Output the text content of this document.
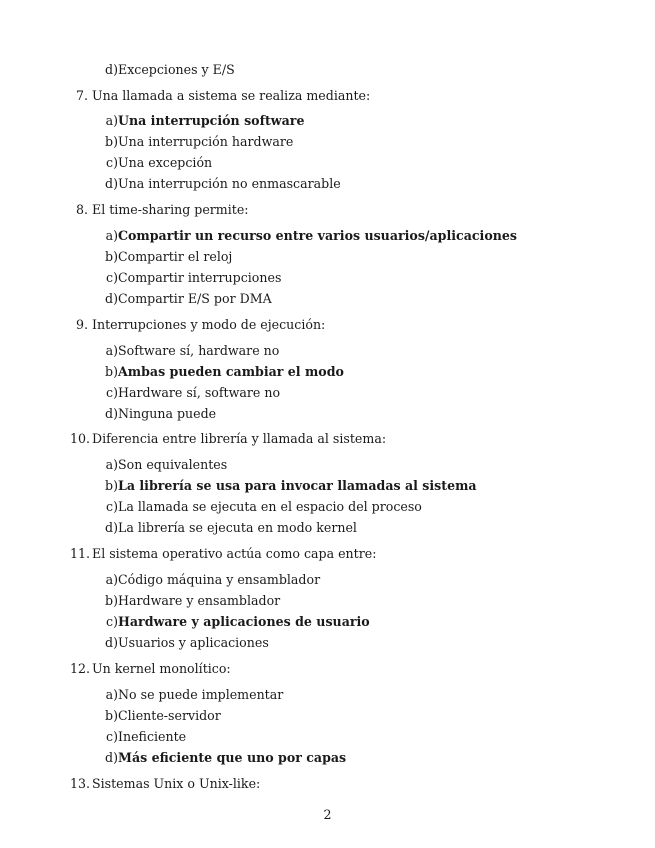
d) Excepciones y E/S
7. Una llamada a sistema se realiza mediante:
a) Una interrupción software
b) Una interrupción hardware
c) Una excepción
d) Una interrupción no enmascarable
8. El time-sharing permite:
a) Compartir un recurso entre varios usuarios/aplicaciones
b) Compartir el reloj
c) Compartir interrupciones
d) Compartir E/S por DMA
9. Interrupciones y modo de ejecución:
a) Software sí, hardware no
b) Ambas pueden cambiar el modo
c) Hardware sí, software no
d) Ninguna puede
10. Diferencia entre librería y llamada al sistema:
a) Son equivalentes
b) La librería se usa para invocar llamadas al sistema
c) La llamada se ejecuta en el espacio del proceso
d) La librería se ejecuta en modo kernel
11. El sistema operativo actúa como capa entre:
a) Código máquina y ensamblador
b) Hardware y ensamblador
c) Hardware y aplicaciones de usuario
d) Usuarios y aplicaciones
12. Un kernel monolítico:
a) No se puede implementar
b) Cliente-servidor
c) Ineficiente
d) Más eficiente que uno por capas
13. Sistemas Unix o Unix-like:
2
